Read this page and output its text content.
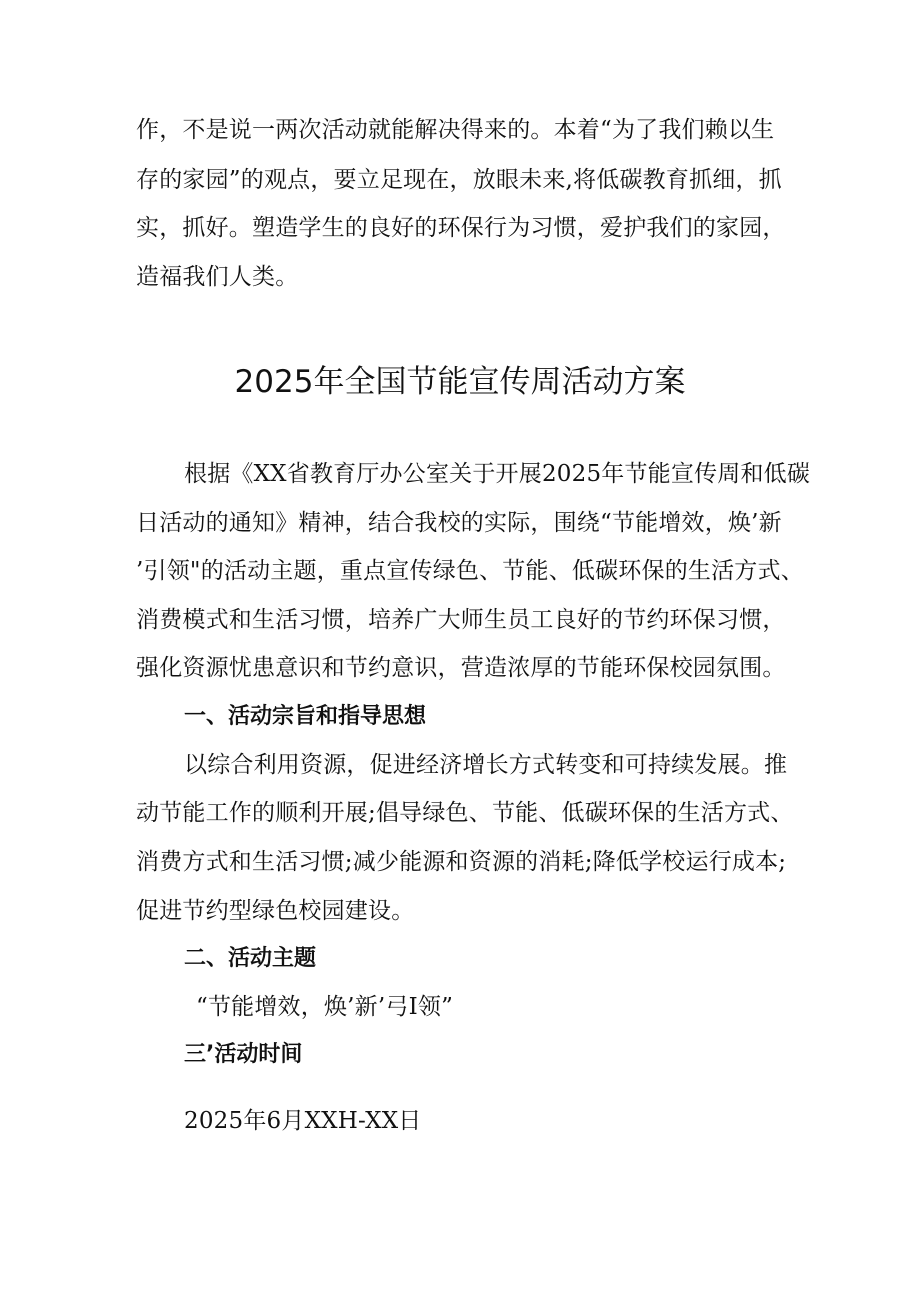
作，不是说一两次活动就能解决得来的。本着“为了我们赖以生
存的家园”的观点，要立足现在，放眼未来,将低碳教育抓细，抓
实，抓好。塑造学生的良好的环保行为习惯，爱护我们的家园，
造福我们人类。
2025年全国节能宣传周活动方案
根据《XX省教育厅办公室关于开展2025年节能宣传周和低碳
日活动的通知》精神，结合我校的实际，围绕“节能增效，焕’新
’引领"的活动主题，重点宣传绿色、节能、低碳环保的生活方式、
消费模式和生活习惯，培养广大师生员工良好的节约环保习惯，
强化资源忧患意识和节约意识，营造浓厚的节能环保校园氛围。
一、活动宗旨和指导思想
以综合利用资源，促进经济增长方式转变和可持续发展。推
动节能工作的顺利开展;倡导绿色、节能、低碳环保的生活方式、
消费方式和生活习惯;减少能源和资源的消耗;降低学校运行成本;
促进节约型绿色校园建设。
二、活动主题
“节能增效，焕’新’弓I领”
三’活动时间
2025年6月XXH-XX日
